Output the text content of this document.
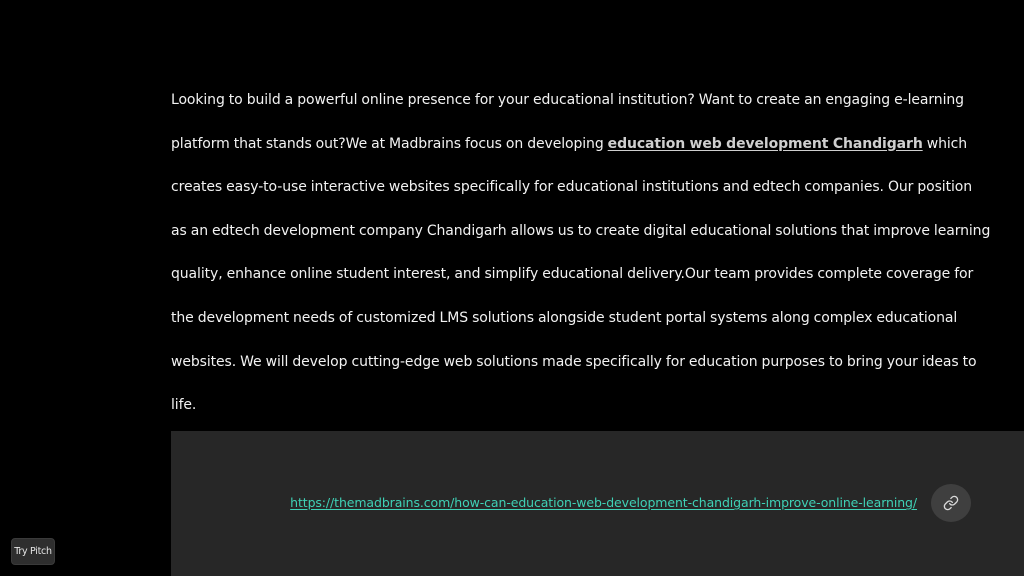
Looking to build a powerful online presence for your educational institution? Want to create an engaging e-learning platform that stands out?We at Madbrains focus on developing education web development Chandigarh which creates easy-to-use interactive websites specifically for educational institutions and edtech companies. Our position as an edtech development company Chandigarh allows us to create digital educational solutions that improve learning quality, enhance online student interest, and simplify educational delivery.Our team provides complete coverage for the development needs of customized LMS solutions alongside student portal systems along complex educational websites. We will develop cutting-edge web solutions made specifically for education purposes to bring your ideas to life.

https://themadbrains.com/how-can-education-web-development-chandigarh-improve-online-learning/
Try Pitch
